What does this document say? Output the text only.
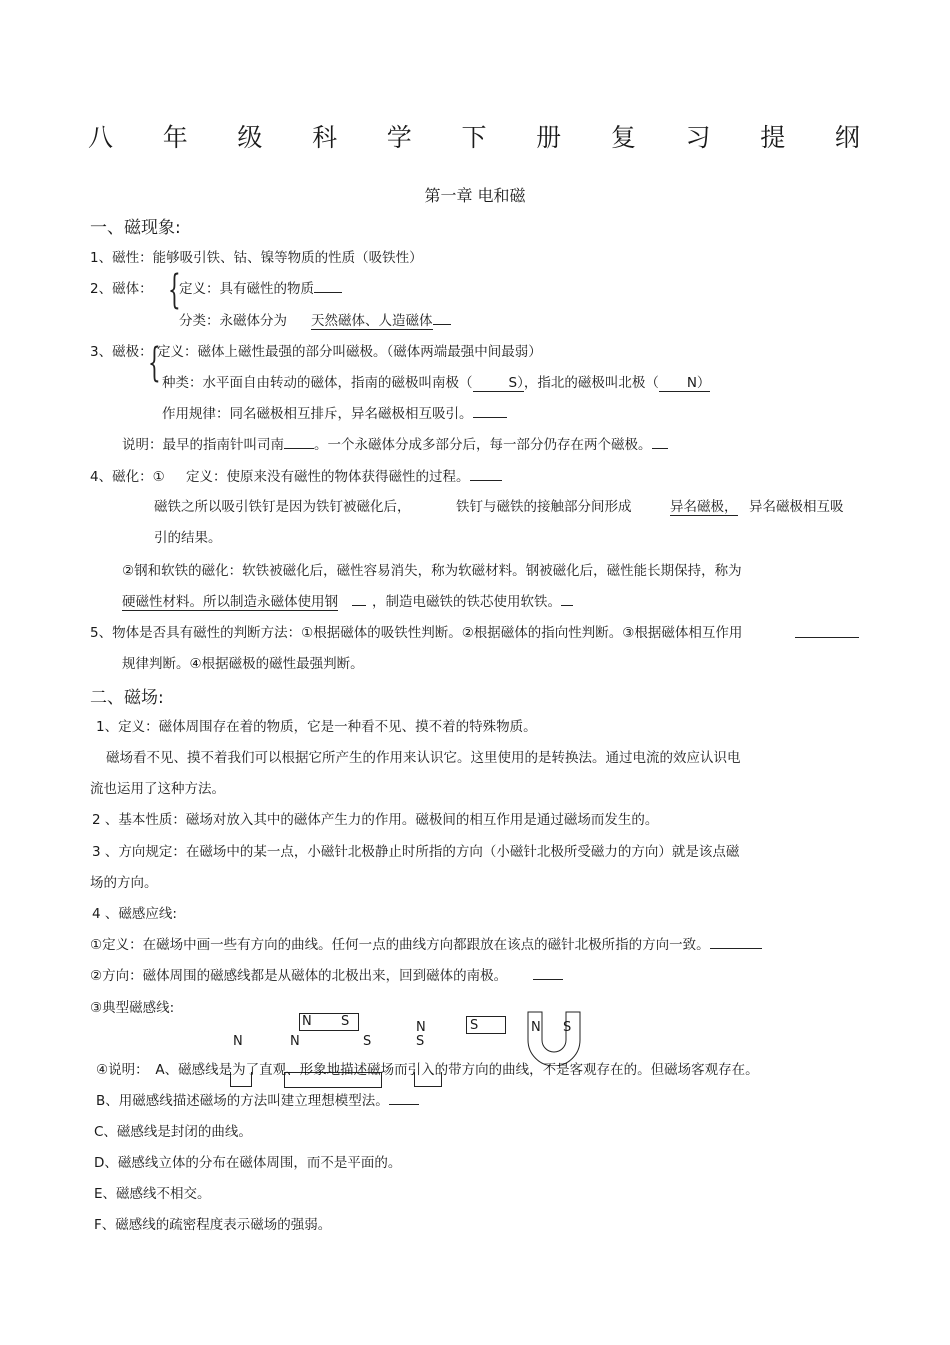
八 年 级 科 学 下 册 复 习 提 纲
第一章 电和磁
一、磁现象:
1、磁性：能够吸引铁、钴、镍等物质的性质（吸铁性）
2、磁体： {
定义：具有磁性的物质
分类：永磁体分为 天然磁体、人造磁体
3、磁极：
{
定义：磁体上磁性最强的部分叫磁极。（磁体两端最强中间最弱）
种类：水平面自由转动的磁体，指南的磁极叫南极（	S），指北的磁极叫北极（ N）
作用规律：同名磁极相互排斥，异名磁极相互吸引。
说明：最早的指南针叫司南 。一个永磁体分成多部分后，每一部分仍存在两个磁极。
4、磁化：① 定义：使原来没有磁性的物体获得磁性的过程。
磁铁之所以吸引铁钉是因为铁钉被磁化后，	铁钉与磁铁的接触部分间形成	异名磁极， 异名磁极相互吸
引的结果。
②钢和软铁的磁化：软铁被磁化后，磁性容易消失，称为软磁材料。钢被磁化后，磁性能长期保持，称为
硬磁性材料。所以制造永磁体使用钢	，制造电磁铁的铁芯使用软铁。
5、物体是否具有磁性的判断方法：①根据磁体的吸铁性判断。②根据磁体的指向性判断。③根据磁体相互作用
规律判断。④根据磁极的磁性最强判断。
二、磁场:
1、定义：磁体周围存在着的物质，它是一种看不见、摸不着的特殊物质。
磁场看不见、摸不着我们可以根据它所产生的作用来认识它。这里使用的是转换法。通过电流的效应认识电
流也运用了这种方法。
2 、基本性质：磁场对放入其中的磁体产生力的作用。磁极间的相互作用是通过磁场而发生的。
3 、方向规定：在磁场中的某一点，小磁针北极静止时所指的方向（小磁针北极所受磁力的方向）就是该点磁
场的方向。
4 、磁感应线:
①定义：在磁场中画一些有方向的曲线。任何一点的曲线方向都跟放在该点的磁针北极所指的方向一致。
②方向：磁体周围的磁感线都是从磁体的北极出来，回到磁体的南极。
③典型磁感线:
N S
N	N	S
N
S
S	N S
④说明：　A、磁感线是为了直观、形象地描述磁场而引入的带方向的曲线，不是客观存在的。但磁场客观存在。
B、用磁感线描述磁场的方法叫建立理想模型法。
C、磁感线是封闭的曲线。
D、磁感线立体的分布在磁体周围，而不是平面的。
E、磁感线不相交。
F、磁感线的疏密程度表示磁场的强弱。
